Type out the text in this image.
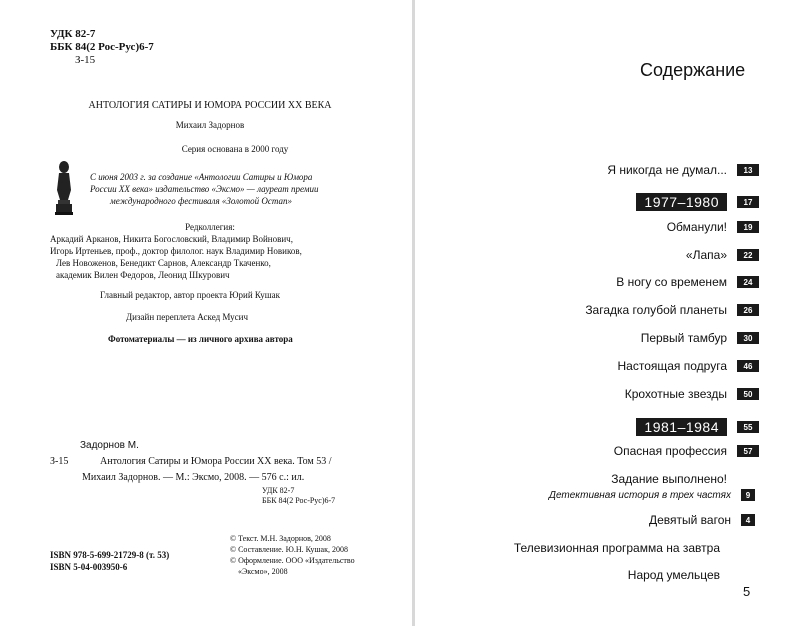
УДК 82-7
ББК 84(2 Рос-Рус)6-7
З-15
АНТОЛОГИЯ САТИРЫ И ЮМОРА РОССИИ XX ВЕКА
Михаил Задорнов
Серия основана в 2000 году
С июня 2003 г. за создание «Антологии Сатиры и Юмора
России XX века» издательство «Эксмо» — лауреат премии
международного фестиваля «Золотой Остап»
Редколлегия:
Аркадий Арканов, Никита Богословский, Владимир Войнович,
Игорь Иртеньев, проф., доктор филолог. наук Владимир Новиков,
Лев Новоженов, Бенедикт Сарнов, Александр Ткаченко,
академик Вилен Федоров, Леонид Шкурович
Главный редактор, автор проекта Юрий Кушак
Дизайн переплета Аскед Мусич
Фотоматериалы — из личного архива автора
Задорнов М.
З-15	Антология Сатиры и Юмора России XX века. Том 53 /
Михаил Задорнов. — М.: Эксмо, 2008. — 576 с.: ил.
УДК 82-7
ББК 84(2 Рос-Рус)6-7
ISBN 978-5-699-21729-8 (т. 53)
ISBN 5-04-003950-6
© Текст. М.Н. Задорнов, 2008
© Составление. Ю.Н. Кушак, 2008
© Оформление. ООО «Издательство
«Эксмо», 2008
Содержание
Я никогда не думал...	13
1977–1980	17
Обманули!	19
«Лапа»	22
В ногу со временем	24
Загадка голубой планеты	26
Первый тамбур	30
Настоящая подруга	46
Крохотные звезды	50
1981–1984	55
Опасная профессия	57
Задание выполнено!
Детективная история в трех частях	9
Девятый вагон	4
Телевизионная программа на завтра
Народ умельцев
5
